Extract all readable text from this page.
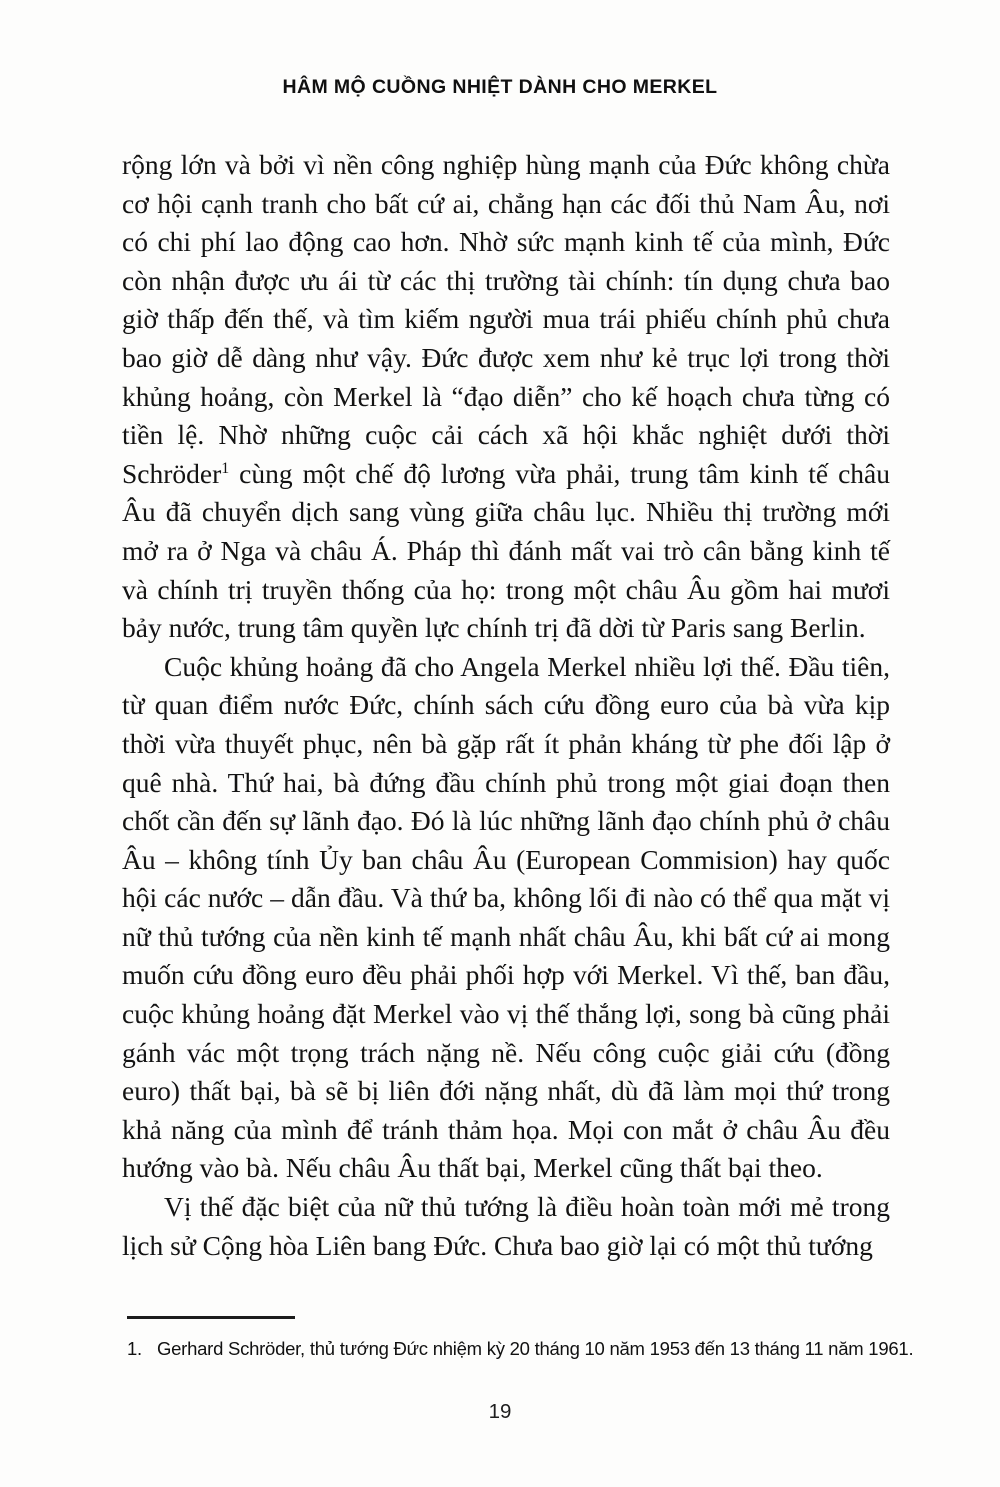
HÂM MỘ CUỒNG NHIỆT DÀNH CHO MERKEL

rộng lớn và bởi vì nền công nghiệp hùng mạnh của Đức không chừa cơ hội cạnh tranh cho bất cứ ai, chẳng hạn các đối thủ Nam Âu, nơi có chi phí lao động cao hơn. Nhờ sức mạnh kinh tế của mình, Đức còn nhận được ưu ái từ các thị trường tài chính: tín dụng chưa bao giờ thấp đến thế, và tìm kiếm người mua trái phiếu chính phủ chưa bao giờ dễ dàng như vậy. Đức được xem như kẻ trục lợi trong thời khủng hoảng, còn Merkel là “đạo diễn” cho kế hoạch chưa từng có tiền lệ. Nhờ những cuộc cải cách xã hội khắc nghiệt dưới thời Schröder$^1$ cùng một chế độ lương vừa phải, trung tâm kinh tế châu Âu đã chuyển dịch sang vùng giữa châu lục. Nhiều thị trường mới mở ra ở Nga và châu Á. Pháp thì đánh mất vai trò cân bằng kinh tế và chính trị truyền thống của họ: trong một châu Âu gồm hai mươi bảy nước, trung tâm quyền lực chính trị đã dời từ Paris sang Berlin.

Cuộc khủng hoảng đã cho Angela Merkel nhiều lợi thế. Đầu tiên, từ quan điểm nước Đức, chính sách cứu đồng euro của bà vừa kịp thời vừa thuyết phục, nên bà gặp rất ít phản kháng từ phe đối lập ở quê nhà. Thứ hai, bà đứng đầu chính phủ trong một giai đoạn then chốt cần đến sự lãnh đạo. Đó là lúc những lãnh đạo chính phủ ở châu Âu – không tính Ủy ban châu Âu (European Commision) hay quốc hội các nước – dẫn đầu. Và thứ ba, không lối đi nào có thể qua mặt vị nữ thủ tướng của nền kinh tế mạnh nhất châu Âu, khi bất cứ ai mong muốn cứu đồng euro đều phải phối hợp với Merkel. Vì thế, ban đầu, cuộc khủng hoảng đặt Merkel vào vị thế thắng lợi, song bà cũng phải gánh vác một trọng trách nặng nề. Nếu công cuộc giải cứu (đồng euro) thất bại, bà sẽ bị liên đới nặng nhất, dù đã làm mọi thứ trong khả năng của mình để tránh thảm họa. Mọi con mắt ở châu Âu đều hướng vào bà. Nếu châu Âu thất bại, Merkel cũng thất bại theo.

Vị thế đặc biệt của nữ thủ tướng là điều hoàn toàn mới mẻ trong lịch sử Cộng hòa Liên bang Đức. Chưa bao giờ lại có một thủ tướng

1. Gerhard Schröder, thủ tướng Đức nhiệm kỳ 20 tháng 10 năm 1953 đến 13 tháng 11 năm 1961.
19
